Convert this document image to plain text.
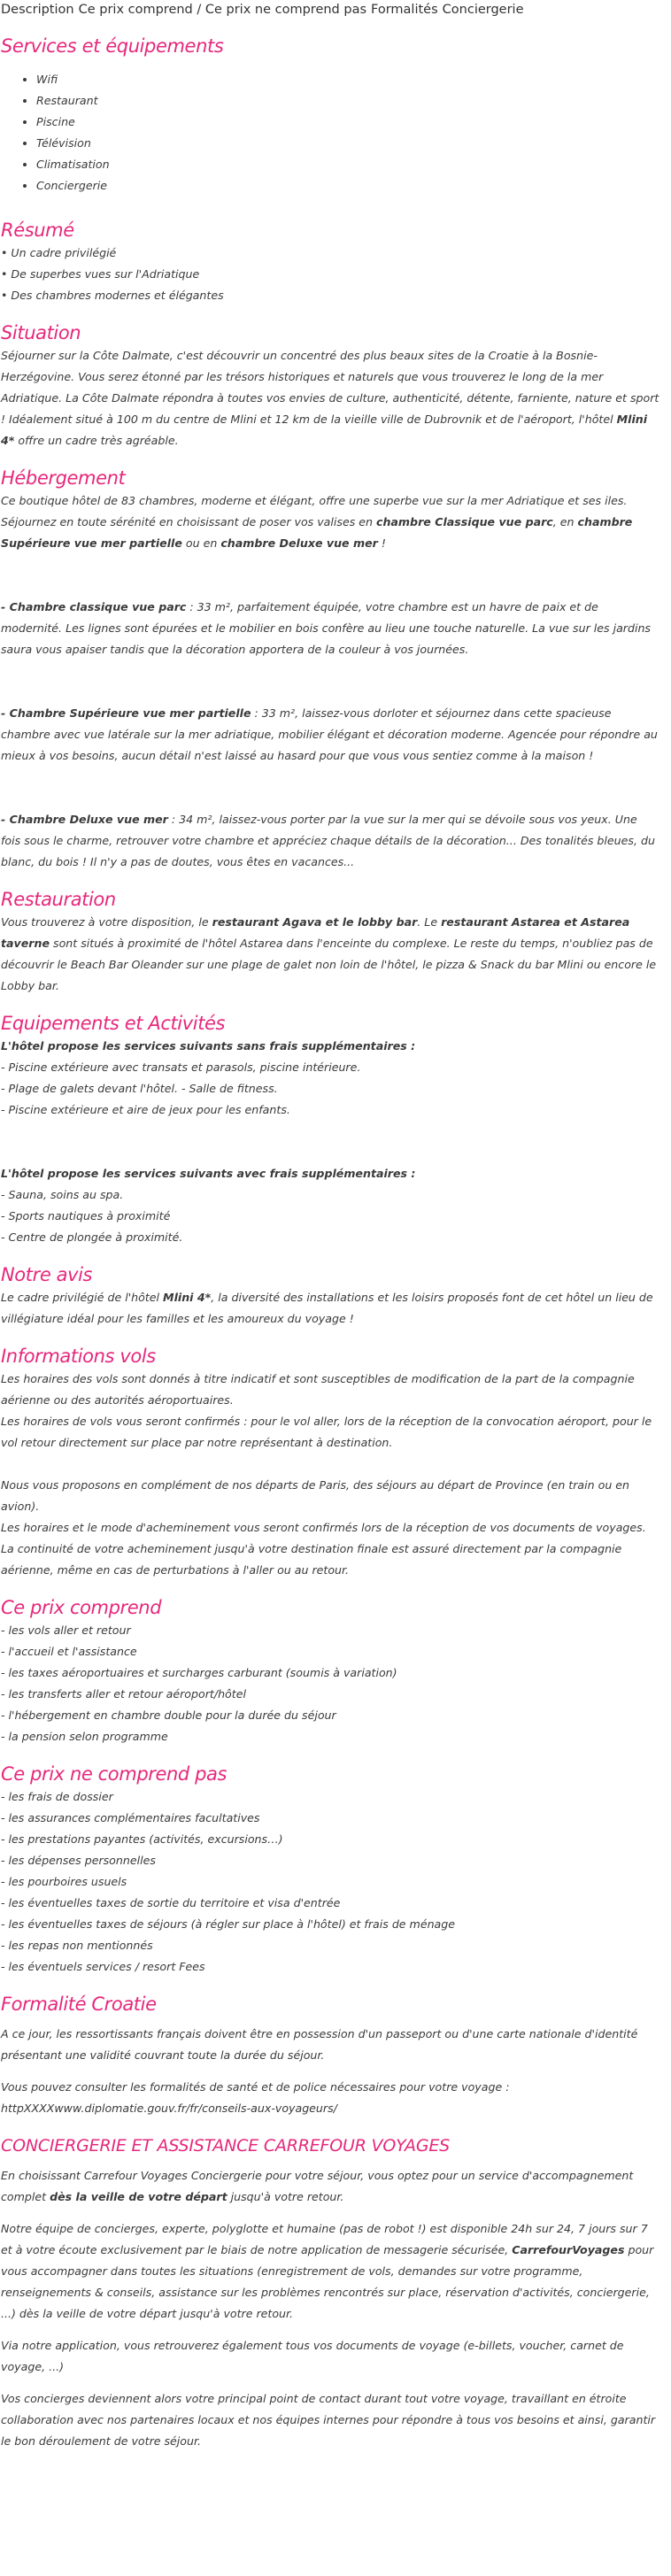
Description Ce prix comprend / Ce prix ne comprend pas Formalités Conciergerie
Services et équipements
• Wifi
• Restaurant
• Piscine
• Télévision
• Climatisation
• Conciergerie
Résumé
• Un cadre privilégié
• De superbes vues sur l'Adriatique
• Des chambres modernes et élégantes
Situation

Séjourner sur la Côte Dalmate, c'est découvrir un concentré des plus beaux sites de la Croatie à la Bosnie-Herzégovine. Vous serez étonné par les trésors historiques et naturels que vous trouverez le long de la mer Adriatique. La Côte Dalmate répondra à toutes vos envies de culture, authenticité, détente, farniente, nature et sport ! Idéalement situé à 100 m du centre de Mlini et 12 km de la vieille ville de Dubrovnik et de l'aéroport, l'hôtel Mlini 4* offre un cadre très agréable.

Hébergement

Ce boutique hôtel de 83 chambres, moderne et élégant, offre une superbe vue sur la mer Adriatique et ses iles. Séjournez en toute sérénité en choisissant de poser vos valises en chambre Classique vue parc, en chambre Supérieure vue mer partielle ou en chambre Deluxe vue mer !

- Chambre classique vue parc : 33 m², parfaitement équipée, votre chambre est un havre de paix et de modernité. Les lignes sont épurées et le mobilier en bois confère au lieu une touche naturelle. La vue sur les jardins saura vous apaiser tandis que la décoration apportera de la couleur à vos journées.

- Chambre Supérieure vue mer partielle : 33 m², laissez-vous dorloter et séjournez dans cette spacieuse chambre avec vue latérale sur la mer adriatique, mobilier élégant et décoration moderne. Agencée pour répondre au mieux à vos besoins, aucun détail n'est laissé au hasard pour que vous vous sentiez comme à la maison !

- Chambre Deluxe vue mer : 34 m², laissez-vous porter par la vue sur la mer qui se dévoile sous vos yeux. Une fois sous le charme, retrouver votre chambre et appréciez chaque détails de la décoration... Des tonalités bleues, du blanc, du bois ! Il n'y a pas de doutes, vous êtes en vacances...

Restauration

Vous trouverez à votre disposition, le restaurant Agava et le lobby bar. Le restaurant Astarea et Astarea taverne sont situés à proximité de l'hôtel Astarea dans l'enceinte du complexe. Le reste du temps, n'oubliez pas de découvrir le Beach Bar Oleander sur une plage de galet non loin de l'hôtel, le pizza & Snack du bar Mlini ou encore le Lobby bar.

Equipements et Activités
L'hôtel propose les services suivants sans frais supplémentaires :
- Piscine extérieure avec transats et parasols, piscine intérieure.
- Plage de galets devant l'hôtel. - Salle de fitness.
- Piscine extérieure et aire de jeux pour les enfants.
L'hôtel propose les services suivants avec frais supplémentaires :
- Sauna, soins au spa.
- Sports nautiques à proximité
- Centre de plongée à proximité.
Notre avis

Le cadre privilégié de l'hôtel Mlini 4*, la diversité des installations et les loisirs proposés font de cet hôtel un lieu de villégiature idéal pour les familles et les amoureux du voyage !

Informations vols

Les horaires des vols sont donnés à titre indicatif et sont susceptibles de modification de la part de la compagnie aérienne ou des autorités aéroportuaires.

Les horaires de vols vous seront confirmés : pour le vol aller, lors de la réception de la convocation aéroport, pour le vol retour directement sur place par notre représentant à destination.

Nous vous proposons en complément de nos départs de Paris, des séjours au départ de Province (en train ou en avion).

Les horaires et le mode d'acheminement vous seront confirmés lors de la réception de vos documents de voyages.

La continuité de votre acheminement jusqu'à votre destination finale est assuré directement par la compagnie aérienne, même en cas de perturbations à l'aller ou au retour.

Ce prix comprend
- les vols aller et retour
- l'accueil et l'assistance
- les taxes aéroportuaires et surcharges carburant (soumis à variation)
- les transferts aller et retour aéroport/hôtel
- l'hébergement en chambre double pour la durée du séjour
- la pension selon programme
Ce prix ne comprend pas
- les frais de dossier
- les assurances complémentaires facultatives
- les prestations payantes (activités, excursions…)
- les dépenses personnelles
- les pourboires usuels
- les éventuelles taxes de sortie du territoire et visa d'entrée
- les éventuelles taxes de séjours (à régler sur place à l'hôtel) et frais de ménage
- les repas non mentionnés
- les éventuels services / resort Fees
Formalité Croatie

A ce jour, les ressortissants français doivent être en possession d'un passeport ou d'une carte nationale d'identité présentant une validité couvrant toute la durée du séjour.

Vous pouvez consulter les formalités de santé et de police nécessaires pour votre voyage :

httpXXXXwww.diplomatie.gouv.fr/fr/conseils-aux-voyageurs/

CONCIERGERIE ET ASSISTANCE CARREFOUR VOYAGES

En choisissant Carrefour Voyages Conciergerie pour votre séjour, vous optez pour un service d'accompagnement complet dès la veille de votre départ jusqu'à votre retour.

Notre équipe de concierges, experte, polyglotte et humaine (pas de robot !) est disponible 24h sur 24, 7 jours sur 7 et à votre écoute exclusivement par le biais de notre application de messagerie sécurisée, CarrefourVoyages pour vous accompagner dans toutes les situations (enregistrement de vols, demandes sur votre programme, renseignements & conseils, assistance sur les problèmes rencontrés sur place, réservation d'activités, conciergerie, ...) dès la veille de votre départ jusqu'à votre retour.

Via notre application, vous retrouverez également tous vos documents de voyage (e-billets, voucher, carnet de voyage, ...)

Vos concierges deviennent alors votre principal point de contact durant tout votre voyage, travaillant en étroite collaboration avec nos partenaires locaux et nos équipes internes pour répondre à tous vos besoins et ainsi, garantir le bon déroulement de votre séjour.
